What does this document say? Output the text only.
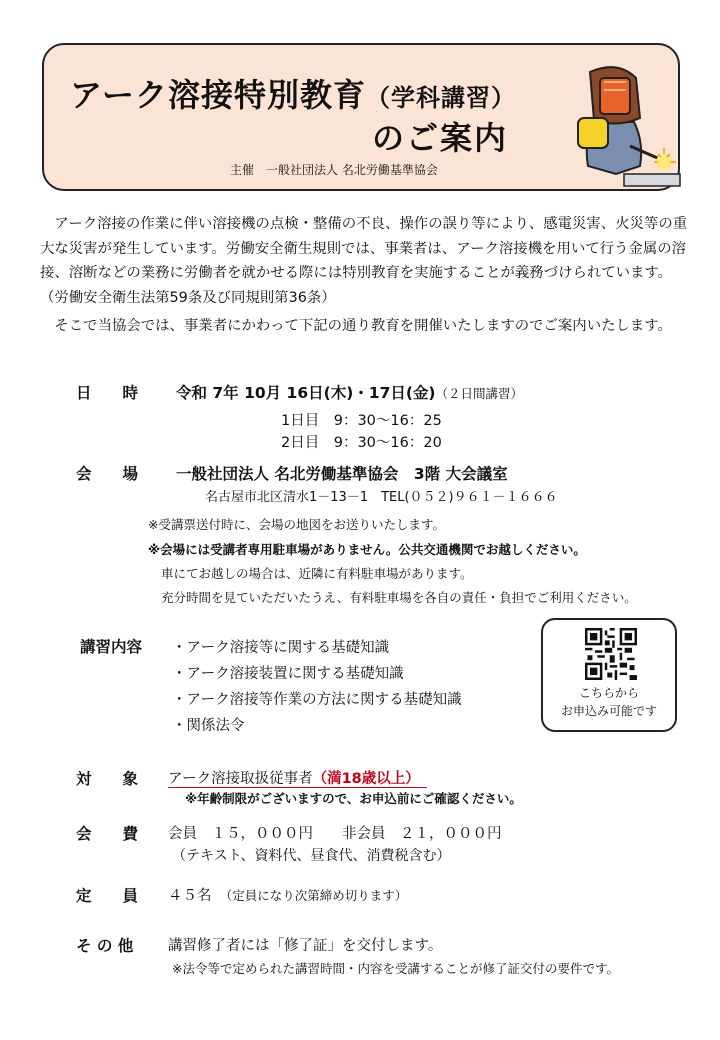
アーク溶接特別教育（学科講習）
のご案内
主催　一般社団法人 名北労働基準協会
　アーク溶接の作業に伴い溶接機の点検・整備の不良、操作の誤り等により、感電災害、火災等の重大な災害が発生しています。労働安全衛生規則では、事業者は、アーク溶接機を用いて行う金属の溶接、溶断などの業務に労働者を就かせる際には特別教育を実施することが義務づけられています。（労働安全衛生法第59条及び同規則第36条）
　そこで当協会では、事業者にかわって下記の通り教育を開催いたしますのでご案内いたします。
日　　時 令和 7年 10月 16日(木)・17日(金)（２日間講習）
1日目　9：30～16：25
2日目　9：30～16：20
会　　場 一般社団法人 名北労働基準協会　3階 大会議室
名古屋市北区清水1－13－1　TEL(０５２)９６１－１６６６
※受講票送付時に、会場の地図をお送りいたします。
※会場には受講者専用駐車場がありません。公共交通機関でお越しください。
車にてお越しの場合は、近隣に有料駐車場があります。
充分時間を見ていただいたうえ、有料駐車場を各自の責任・負担でご利用ください。
講習内容 ・アーク溶接等に関する基礎知識
・アーク溶接装置に関する基礎知識
・アーク溶接等作業の方法に関する基礎知識
・関係法令
こちらから
お申込み可能です
対　　象 アーク溶接取扱従事者（満18歳以上）　
※年齢制限がございますので、お申込前にご確認ください。
会　　費 会員　１５，０００円　　非会員　２１，０００円
（テキスト、資料代、昼食代、消費税含む）
定　　員 ４５名　 （定員になり次第締め切ります）
そ の 他 講習修了者には「修了証」を交付します。
※法令等で定められた講習時間・内容を受講することが修了証交付の要件です。
